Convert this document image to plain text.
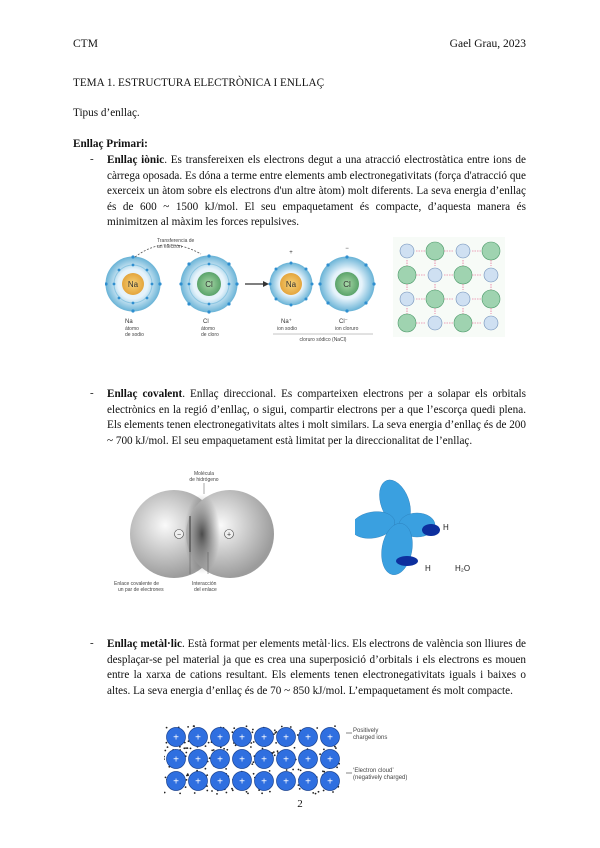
CTM	Gael Grau, 2023
TEMA 1. ESTRUCTURA ELECTRÒNICA I ENLLAÇ
Tipus d’enllaç.
Enllaç Primari:
- Enllaç iònic. Es transfereixen els electrons degut a una atracció electrostàtica entre ions de càrrega oposada. Es dóna a terme entre elements amb electronegativitats (força d'atracció que exerceix un àtom sobre els electrons d'un altre àtom) molt diferents. La seva energia d’enllaç és de 600 ~ 1500 kJ/mol. El seu empaquetament és compacte, d’aquesta manera és minimitzen al màxim les forces repulsives.
Na	Cl
Transferencia de
un electrón
Na
átomo
de sodio
Cl
átomo
de cloro
Na
+
Cl
−
Na⁺
ion sodio
Cl⁻
ion cloruro
cloruro sódico (NaCl)
- Enllaç covalent. Enllaç direccional. Es comparteixen electrons per a solapar els orbitals electrònics en la regió d’enllaç, o sigui, compartir electrons per a que l’escorça quedi plena. Els elements tenen electronegativitats altes i molt similars. La seva energia d’enllaç és de 200 ~ 700 kJ/mol. El seu empaquetament està limitat per la direccionalitat de l’enllaç.
Molécula
de hidrógeno
−	+
Enlace covalente de
un par de electrones
Interacción
del enlace
H
H	H₂O
- Enllaç metàl·lic. Està format per elements metàl·lics. Els electrons de valència son lliures de desplaçar-se pel material ja que es crea una superposició d’orbitals i els electrons es mouen entre la xarxa de cations resultant. Els elements tenen electronegativitats iguals i baixes o altes. La seva energia d’enllaç és de 70 ~ 850 kJ/mol. L’empaquetament és molt compacte.
+ + + + + + + +
+ + + + + + + +
+ + + + + + + +
Positively
charged ions
‘Electron cloud’
(negatively charged)
2
